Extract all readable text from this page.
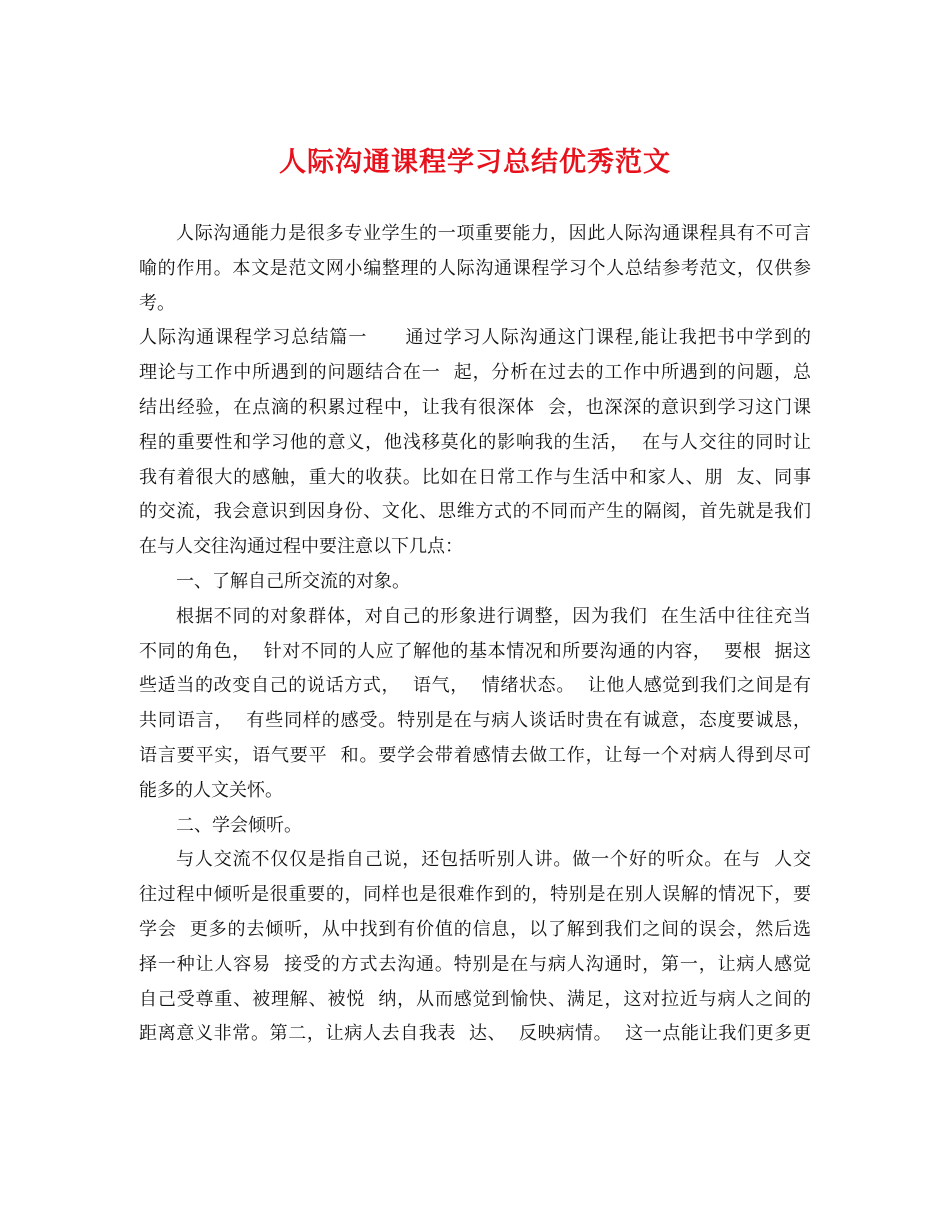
人际沟通课程学习总结优秀范文
人际沟通能力是很多专业学生的一项重要能力，因此人际沟通课程具有不可言
喻的作用。本文是范文网小编整理的人际沟通课程学习个人总结参考范文，仅供参
考。
人际沟通课程学习总结篇一　　通过学习人际沟通这门课程,能让我把书中学到的
理论与工作中所遇到的问题结合在一  起，分析在过去的工作中所遇到的问题，总
结出经验，在点滴的积累过程中，让我有很深体  会，也深深的意识到学习这门课
程的重要性和学习他的意义，他浅移莫化的影响我的生活，  在与人交往的同时让
我有着很大的感触，重大的收获。比如在日常工作与生活中和家人、朋  友、同事
的交流，我会意识到因身份、文化、思维方式的不同而产生的隔阂，首先就是我们
在与人交往沟通过程中要注意以下几点：
一、了解自己所交流的对象。
根据不同的对象群体，对自己的形象进行调整，因为我们  在生活中往往充当
不同的角色，  针对不同的人应了解他的基本情况和所要沟通的内容，  要根  据这
些适当的改变自己的说话方式，  语气，  情绪状态。  让他人感觉到我们之间是有
共同语言，  有些同样的感受。特别是在与病人谈话时贵在有诚意，态度要诚恳，
语言要平实，语气要平  和。要学会带着感情去做工作，让每一个对病人得到尽可
能多的人文关怀。
二、学会倾听。
与人交流不仅仅是指自己说，还包括听别人讲。做一个好的听众。在与  人交
往过程中倾听是很重要的，同样也是很难作到的，特别是在别人误解的情况下，要
学会  更多的去倾听，从中找到有价值的信息，以了解到我们之间的误会，然后选
择一种让人容易  接受的方式去沟通。特别是在与病人沟通时，第一，让病人感觉
自己受尊重、被理解、被悦  纳，从而感觉到愉快、满足，这对拉近与病人之间的
距离意义非常。第二，让病人去自我表  达、  反映病情。  这一点能让我们更多更
